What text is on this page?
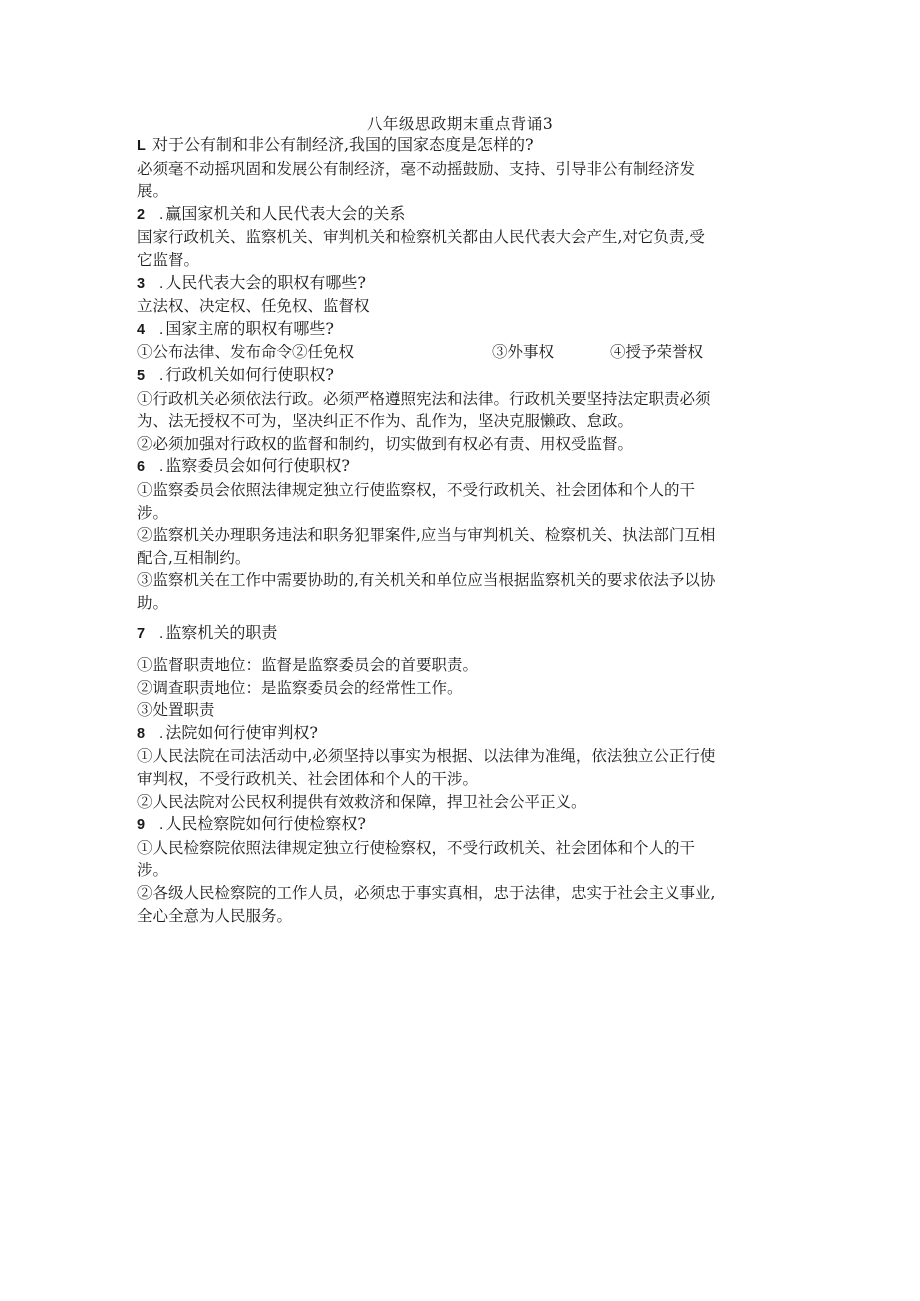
八年级思政期末重点背诵3

L 对于公有制和非公有制经济,我国的国家态度是怎样的?

必须毫不动摇巩固和发展公有制经济，毫不动摇鼓励、支持、引导非公有制经济发

展。

2 . 赢国家机关和人民代表大会的关系

国家行政机关、监察机关、审判机关和检察机关都由人民代表大会产生,对它负责,受

它监督。

3 . 人民代表大会的职权有哪些?

立法权、决定权、任免权、监督权

4 . 国家主席的职权有哪些?

①公布法律、发布命令②任免权	③外事权	④授予荣誉权

5 . 行政机关如何行使职权?

①行政机关必须依法行政。必须严格遵照宪法和法律。行政机关要坚持法定职责必须

为、法无授权不可为，坚决纠正不作为、乱作为，坚决克服懒政、怠政。

②必须加强对行政权的监督和制约，切实做到有权必有责、用权受监督。

6 . 监察委员会如何行使职权?

①监察委员会依照法律规定独立行使监察权，不受行政机关、社会团体和个人的干

涉。

②监察机关办理职务违法和职务犯罪案件,应当与审判机关、检察机关、执法部门互相

配合,互相制约。

③监察机关在工作中需要协助的,有关机关和单位应当根据监察机关的要求依法予以协

助。

7 . 监察机关的职责

①监督职责地位：监督是监察委员会的首要职责。

②调查职责地位：是监察委员会的经常性工作。

③处置职责

8 . 法院如何行使审判权?

①人民法院在司法活动中,必须坚持以事实为根据、以法律为准绳，依法独立公正行使

审判权，不受行政机关、社会团体和个人的干涉。

②人民法院对公民权利提供有效救济和保障，捍卫社会公平正义。

9 . 人民检察院如何行使检察权?

①人民检察院依照法律规定独立行使检察权，不受行政机关、社会团体和个人的干

涉。

②各级人民检察院的工作人员，必须忠于事实真相，忠于法律，忠实于社会主义事业,

全心全意为人民服务。
